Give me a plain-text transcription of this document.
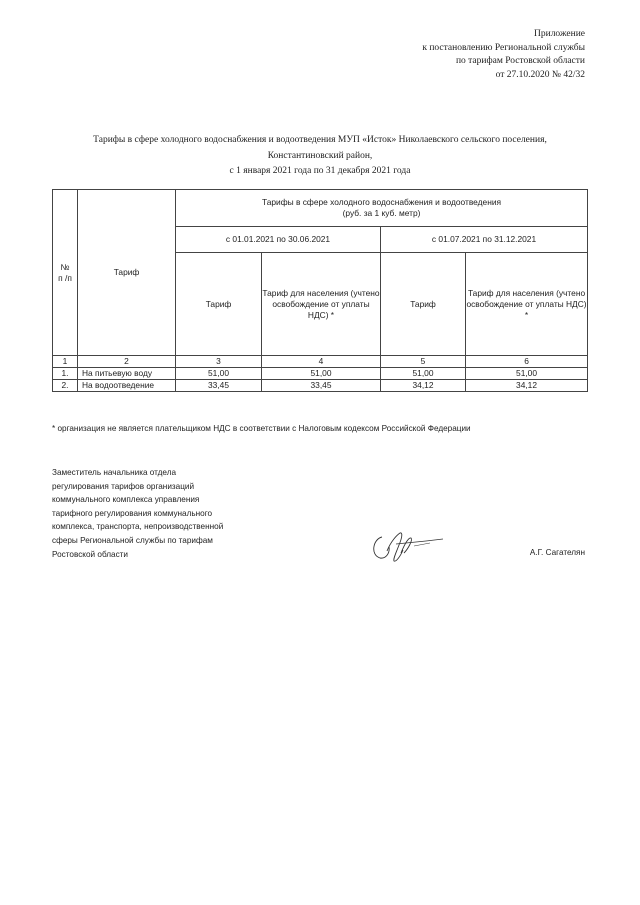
Приложение
к постановлению Региональной службы
по тарифам Ростовской области
от 27.10.2020 № 42/32
Тарифы в сфере холодного водоснабжения и водоотведения МУП «Исток» Николаевского сельского поселения,
Константиновский район,
с 1 января 2021 года по 31 декабря 2021 года
№
п /п	Тариф	Тарифы в сфере холодного водоснабжения и водоотведения
(руб. за 1 куб. метр)			
		с 01.01.2021 по 30.06.2021		с 01.07.2021 по 31.12.2021	
		Тариф	Тариф для населения (учтено освобождение от уплаты НДС) *	Тариф	Тариф для населения (учтено освобождение от уплаты НДС) *
1	2	3	4	5	6
1.	На питьевую воду	51,00	51,00	51,00	51,00
2.	На водоотведение	33,45	33,45	34,12	34,12
* организация не является плательщиком НДС в соответствии с Налоговым кодексом Российской Федерации
Заместитель начальника отдела
регулирования тарифов организаций
коммунального комплекса управления
тарифного регулирования коммунального
комплекса, транспорта, непроизводственной
сферы Региональной службы по тарифам
Ростовской области	А.Г. Сагателян
